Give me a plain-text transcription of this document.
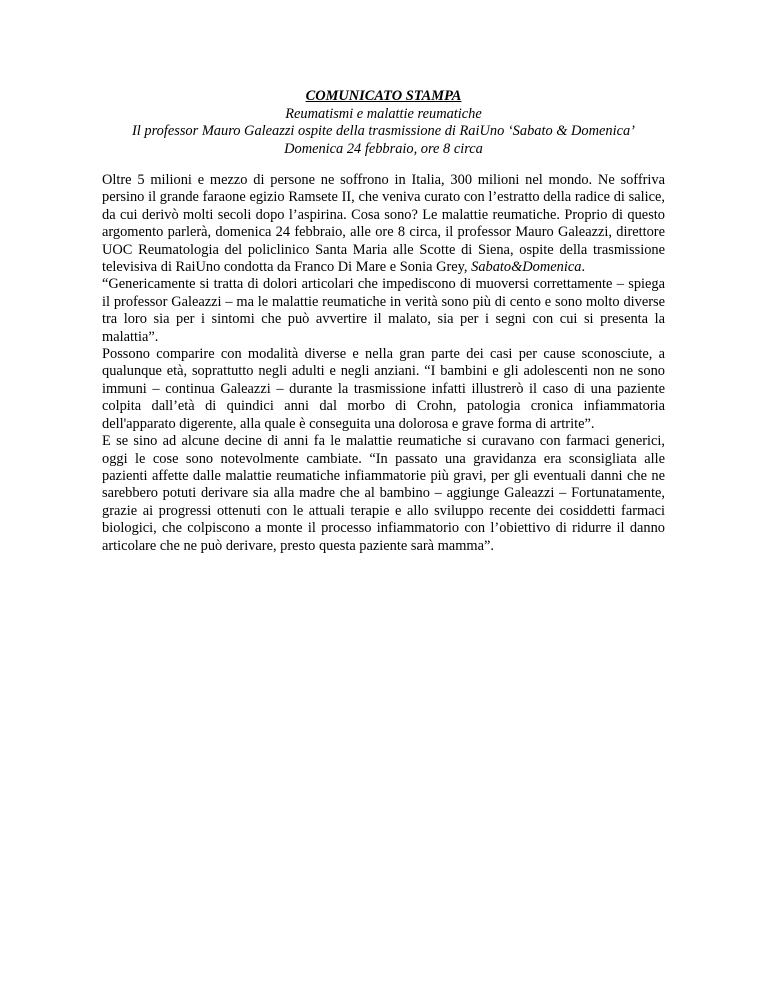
COMUNICATO STAMPA
Reumatismi e malattie reumatiche
Il professor Mauro Galeazzi ospite della trasmissione di RaiUno ‘Sabato & Domenica’
Domenica 24 febbraio, ore 8 circa

Oltre 5 milioni e mezzo di persone ne soffrono in Italia, 300 milioni nel mondo. Ne soffriva persino il grande faraone egizio Ramsete II, che veniva curato con l’estratto della radice di salice, da cui derivò molti secoli dopo l’aspirina. Cosa sono? Le malattie reumatiche. Proprio di questo argomento parlerà, domenica 24 febbraio, alle ore 8 circa, il professor Mauro Galeazzi, direttore UOC Reumatologia del policlinico Santa Maria alle Scotte di Siena, ospite della trasmissione televisiva di RaiUno condotta da Franco Di Mare e Sonia Grey, Sabato&Domenica.

“Genericamente si tratta di dolori articolari che impediscono di muoversi correttamente – spiega il professor Galeazzi – ma le malattie reumatiche in verità sono più di cento e sono molto diverse tra loro sia per i sintomi che può avvertire il malato, sia per i segni con cui si presenta la malattia”.

Possono comparire con modalità diverse e nella gran parte dei casi per cause sconosciute, a qualunque età, soprattutto negli adulti e negli anziani. “I bambini e gli adolescenti non ne sono immuni – continua Galeazzi – durante la trasmissione infatti illustrerò il caso di una paziente colpita dall’età di quindici anni dal morbo di Crohn, patologia cronica infiammatoria dell'apparato digerente, alla quale è conseguita una dolorosa e grave forma di artrite”.

E se sino ad alcune decine di anni fa le malattie reumatiche si curavano con farmaci generici, oggi le cose sono notevolmente cambiate. “In passato una gravidanza era sconsigliata alle pazienti affette dalle malattie reumatiche infiammatorie più gravi, per gli eventuali danni che ne sarebbero potuti derivare sia alla madre che al bambino – aggiunge Galeazzi – Fortunatamente, grazie ai progressi ottenuti con le attuali terapie e allo sviluppo recente dei cosiddetti farmaci biologici, che colpiscono a monte il processo infiammatorio con l’obiettivo di ridurre il danno articolare che ne può derivare, presto questa paziente sarà mamma”.
